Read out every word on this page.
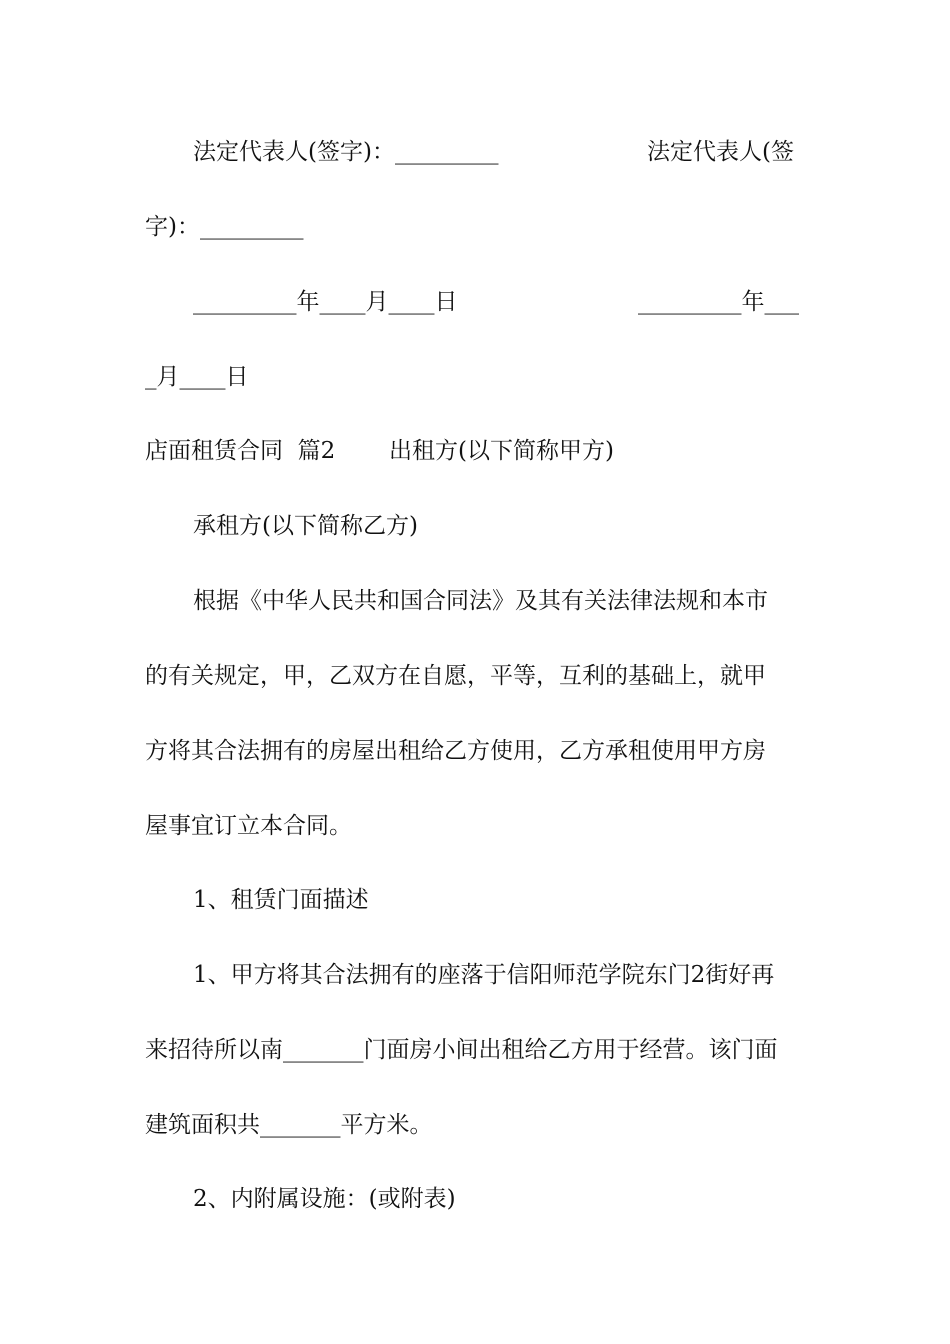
法定代表人(签字)：_________

	法定代表人(签

字)：_________

_________年____月____日

	_________年___

_月____日

店面租赁合同  篇2

出租方(以下简称甲方)

承租方(以下简称乙方)

根据《中华人民共和国合同法》及其有关法律法规和本市

的有关规定，甲，乙双方在自愿，平等，互利的基础上，就甲

方将其合法拥有的房屋出租给乙方使用，乙方承租使用甲方房

屋事宜订立本合同。

1、租赁门面描述

1、甲方将其合法拥有的座落于信阳师范学院东门2街好再

来招待所以南_______门面房小间出租给乙方用于经营。该门面

建筑面积共_______平方米。

2、内附属设施：(或附表)
